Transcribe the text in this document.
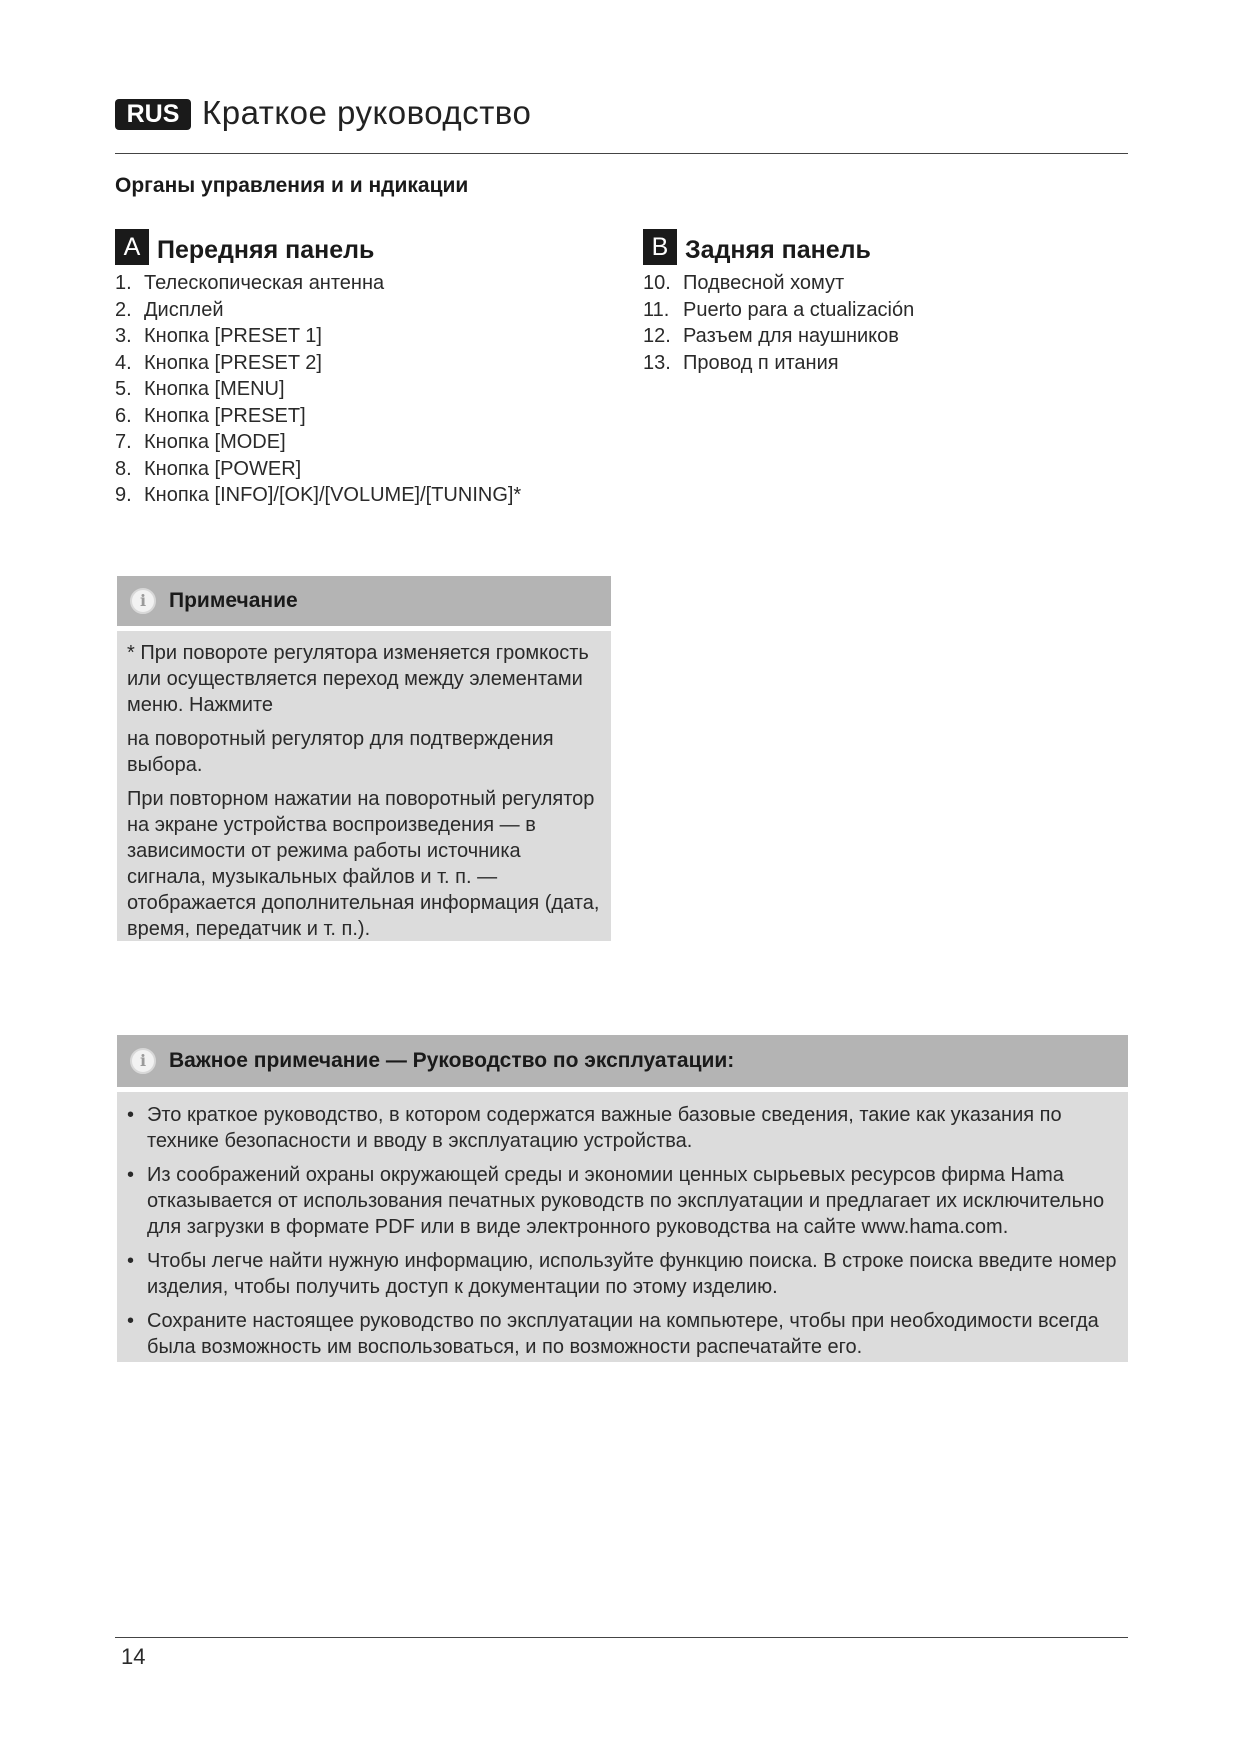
RUS Краткое руководство
Органы управления и и ндикации
A Передняя панель
1. Телескопическая антенна
2. Дисплей
3. Кнопка [PRESET 1]
4. Кнопка [PRESET 2]
5. Кнопка [MENU]
6. Кнопка [PRESET]
7. Кнопка [MODE]
8. Кнопка [POWER]
9. Кнопка [INFO]/[OK]/[VOLUME]/[TUNING]*
B Задняя панель
10. Подвесной хомут
11. Puerto para a ctualización
12. Разъем для наушников
13. Провод п итания
i	Примечание

* При повороте регулятора изменяется громкость или осуществляется переход между элементами меню. Нажмите

на поворотный регулятор для подтверждения выбора.

При повторном нажатии на поворотный регулятор на экране устройства воспроизведения — в зависимости от режима работы источника сигнала, музыкальных файлов и т. п. — отображается дополнительная информация (дата, время, передатчик и т. п.).

i	Важное примечание — Руководство по эксплуатации:
• Это краткое руководство, в котором содержатся важные базовые сведения, такие как указания по технике безопасности и вводу в эксплуатацию устройства.
• Из соображений охраны окружающей среды и экономии ценных сырьевых ресурсов фирма Hama отказывается от использования печатных руководств по эксплуатации и предлагает их исключительно для загрузки в формате PDF или в виде электронного руководства на сайте www.hama.com.
• Чтобы легче найти нужную информацию, используйте функцию поиска. В строке поиска введите номер изделия, чтобы получить доступ к документации по этому изделию.
• Сохраните настоящее руководство по эксплуатации на компьютере, чтобы при необходимости всегда была возможность им воспользоваться, и по возможности распечатайте его.
14
